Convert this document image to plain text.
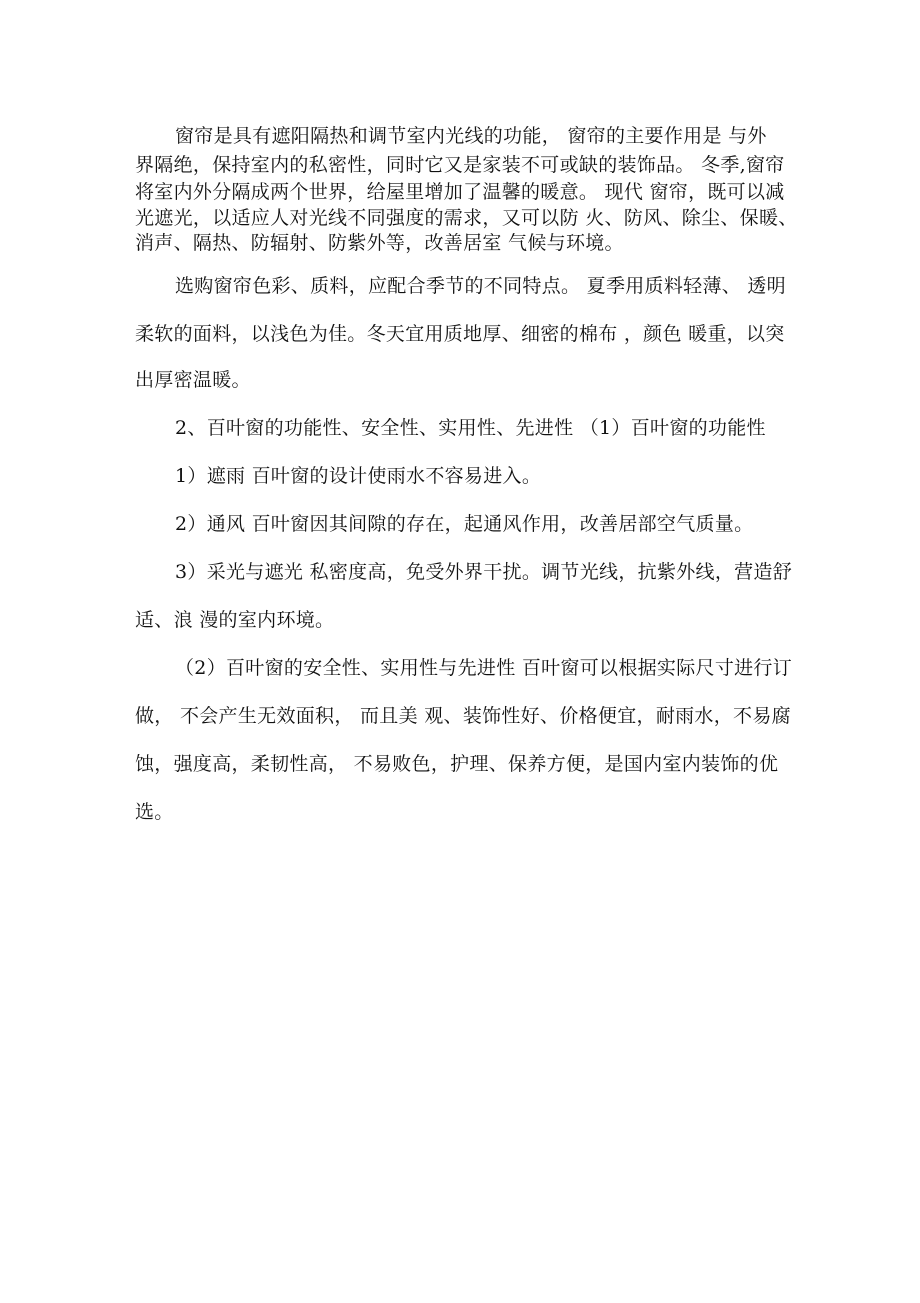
窗帘是具有遮阳隔热和调节室内光线的功能， 窗帘的主要作用是 与外
界隔绝，保持室内的私密性，同时它又是家装不可或缺的装饰品。 冬季,窗帘
将室内外分隔成两个世界，给屋里增加了温馨的暖意。 现代 窗帘，既可以减
光遮光，以适应人对光线不同强度的需求，又可以防 火、防风、除尘、保暖、
消声、隔热、防辐射、防紫外等，改善居室 气候与环境。
选购窗帘色彩、质料，应配合季节的不同特点。 夏季用质料轻薄、 透明
柔软的面料，以浅色为佳。冬天宜用质地厚、细密的棉布 ，颜色 暖重，以突
出厚密温暖。
2、百叶窗的功能性、安全性、实用性、先进性 （1）百叶窗的功能性
1）遮雨 百叶窗的设计使雨水不容易进入。
2）通风 百叶窗因其间隙的存在，起通风作用，改善居部空气质量。
3）采光与遮光 私密度高，免受外界干扰。调节光线，抗紫外线，营造舒
适、浪 漫的室内环境。
（2）百叶窗的安全性、实用性与先进性 百叶窗可以根据实际尺寸进行订
做， 不会产生无效面积， 而且美 观、装饰性好、价格便宜，耐雨水，不易腐
蚀，强度高，柔韧性高， 不易败色，护理、保养方便，是国内室内装饰的优
选。
